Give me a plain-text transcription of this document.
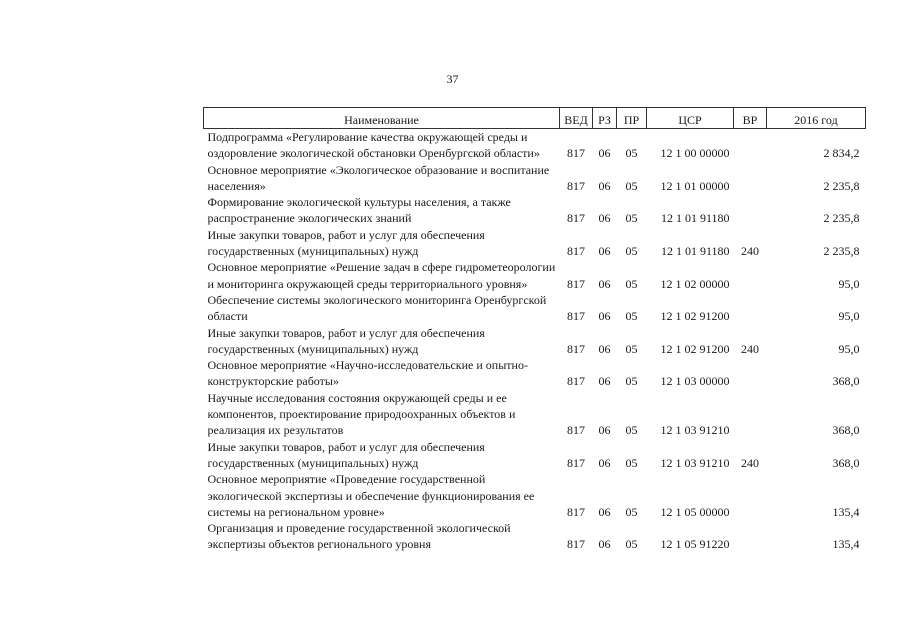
37
Наименование	ВЕД	РЗ	ПР	ЦСР	ВР	2016 год
Подпрограмма «Регулирование качества окружающей среды и оздоровление экологической обстановки Оренбургской области»	817	06	05	12 1 00 00000		2 834,2
Основное мероприятие «Экологическое образование и воспитание населения»	817	06	05	12 1 01 00000		2 235,8
Формирование экологической культуры населения, а также распространение экологических знаний	817	06	05	12 1 01 91180		2 235,8
Иные закупки товаров, работ и услуг для обеспечения государственных (муниципальных) нужд	817	06	05	12 1 01 91180	240	2 235,8
Основное мероприятие «Решение задач в сфере гидрометеорологии и мониторинга окружающей среды территориального уровня»	817	06	05	12 1 02 00000		95,0
Обеспечение системы экологического мониторинга Оренбургской области	817	06	05	12 1 02 91200		95,0
Иные закупки товаров, работ и услуг для обеспечения государственных (муниципальных) нужд	817	06	05	12 1 02 91200	240	95,0
Основное мероприятие «Научно-исследовательские и опытно-конструкторские работы»	817	06	05	12 1 03 00000		368,0
Научные исследования состояния окружающей среды и ее компонентов, проектирование природоохранных объектов и реализация их результатов	817	06	05	12 1 03 91210		368,0
Иные закупки товаров, работ и услуг для обеспечения государственных (муниципальных) нужд	817	06	05	12 1 03 91210	240	368,0
Основное мероприятие «Проведение государственной экологической экспертизы и обеспечение функционирования ее системы на региональном уровне»	817	06	05	12 1 05 00000		135,4
Организация и проведение государственной экологической экспертизы объектов регионального уровня	817	06	05	12 1 05 91220		135,4
